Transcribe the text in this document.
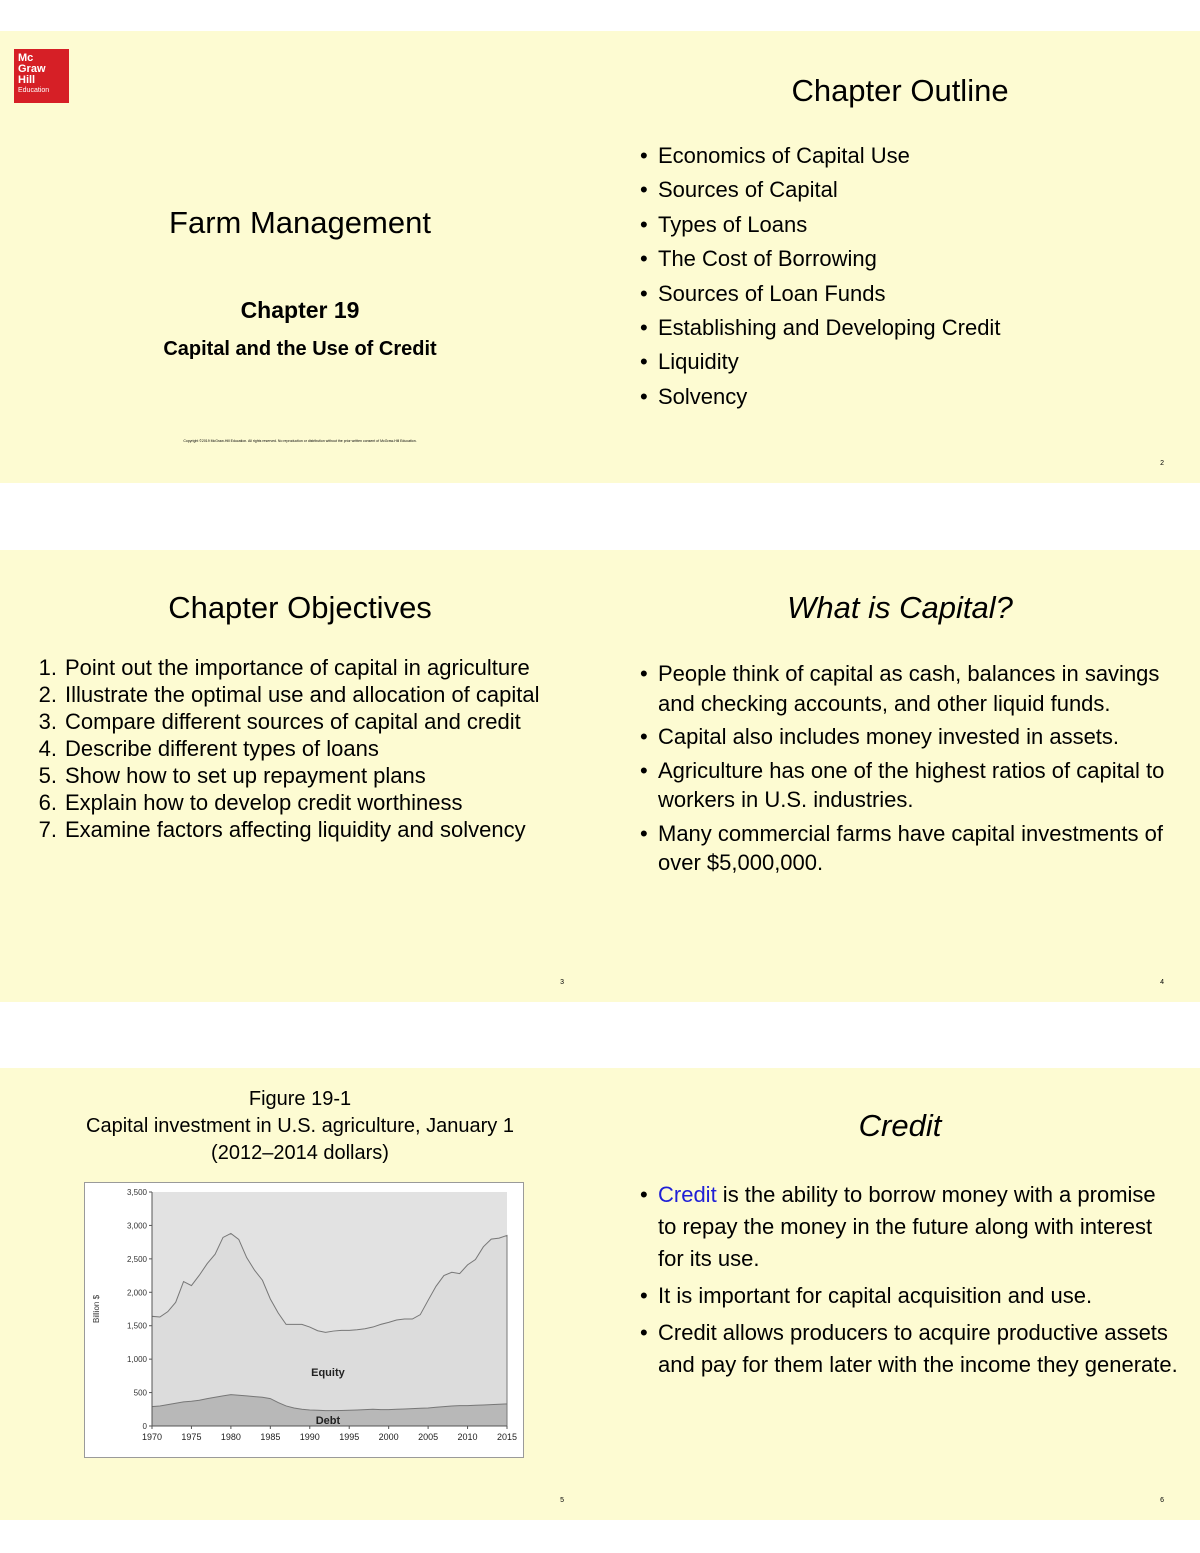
Mc
Graw
Hill
Education
Farm Management
Chapter 19
Capital and the Use of Credit
Copyright ©2019 McGraw-Hill Education. All rights reserved. No reproduction or distribution without the prior written consent of McGraw-Hill Education.
Chapter Outline
• Economics of Capital Use
• Sources of Capital
• Types of Loans
• The Cost of Borrowing
• Sources of Loan Funds
• Establishing and Developing Credit
• Liquidity
• Solvency
2
Chapter Objectives
1. Point out the importance of capital in agriculture
2. Illustrate the optimal use and allocation of capital
3. Compare different sources of capital and credit
4. Describe different types of loans
5. Show how to set up repayment plans
6. Explain how to develop credit worthiness
7. Examine factors affecting liquidity and solvency
3
What is Capital?
• People think of capital as cash, balances in savings and checking accounts, and other liquid funds.
• Capital also includes money invested in assets.
• Agriculture has one of the highest ratios of capital to workers in U.S. industries.
• Many commercial farms have capital investments of over $5,000,000.
4
Figure 19-1
Capital investment in U.S. agriculture, January 1
(2012–2014 dollars)
3,500
3,000
2,500
2,000
1,500
1,000
500
0
1970 1975 1980 1985 1990 1995 2000 2005 2010 2015
Billion $
Equity
Debt
5
Credit
• Credit is the ability to borrow money with a promise to repay the money in the future along with interest for its use.
• It is important for capital acquisition and use.
• Credit allows producers to acquire productive assets and pay for them later with the income they generate.
6
